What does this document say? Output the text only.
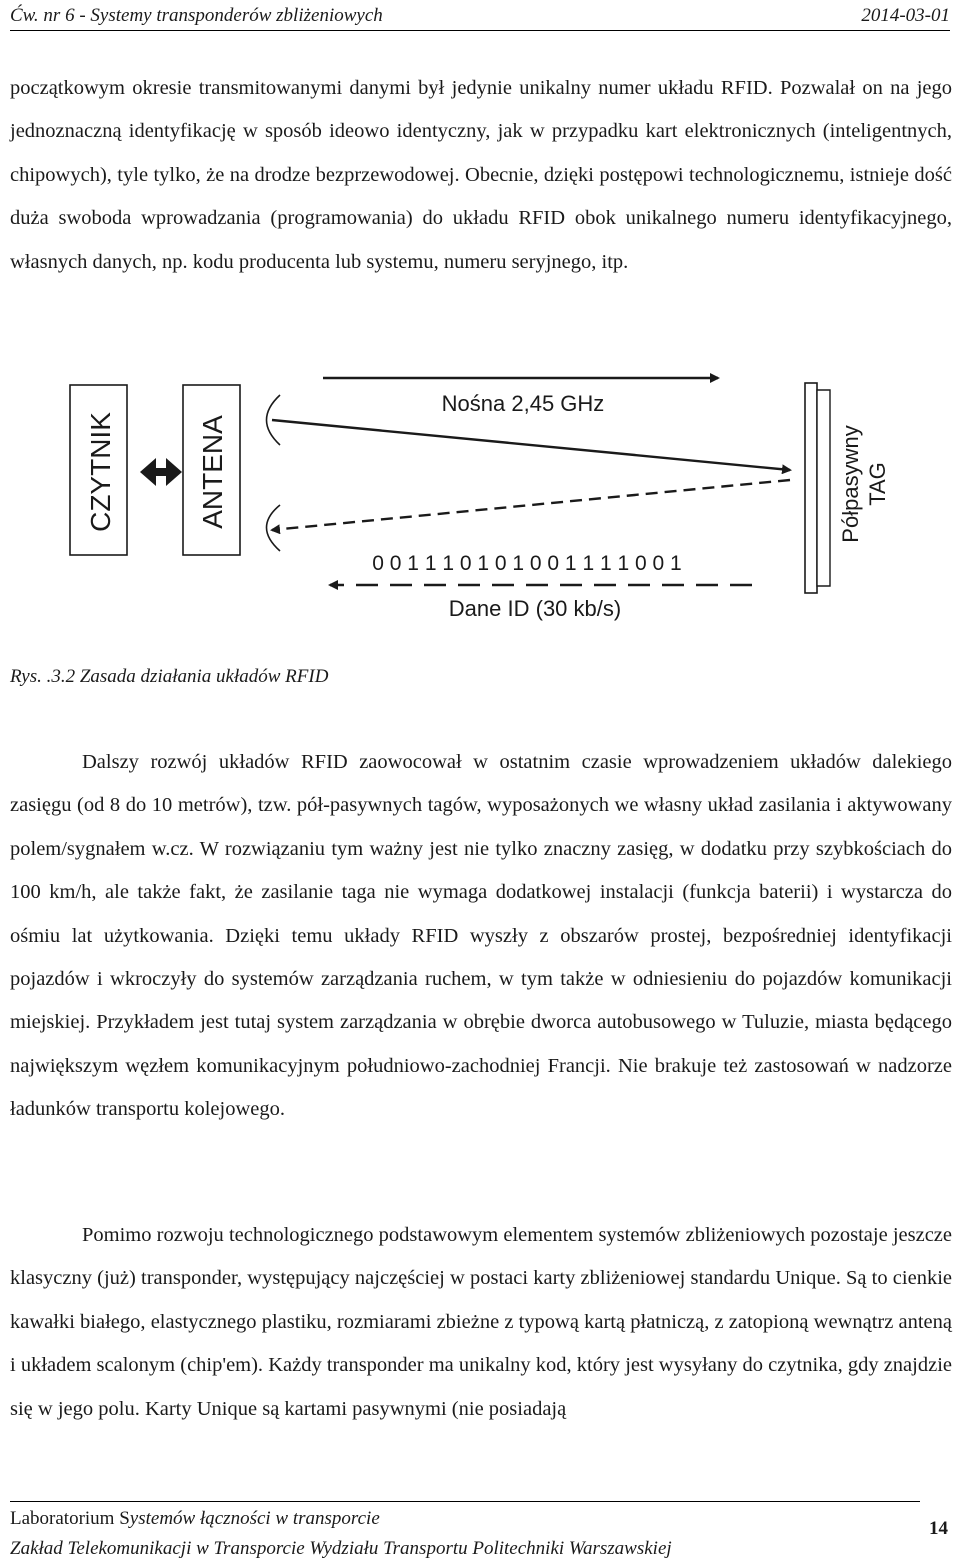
Ćw. nr 6 - Systemy transponderów zbliżeniowych	2014-03-01

początkowym okresie transmitowanymi danymi był jedynie unikalny numer układu RFID. Pozwalał on na jego jednoznaczną identyfikację w sposób ideowo identyczny, jak w przypadku kart elektronicznych (inteligentnych, chipowych), tyle tylko, że na drodze bezprzewodowej. Obecnie, dzięki postępowi technologicznemu, istnieje dość duża swoboda wprowadzania (programowania) do układu RFID obok unikalnego numeru identyfikacyjnego, własnych danych, np. kodu producenta lub systemu, numeru seryjnego, itp.

CZYTNIK	ANTENA
Nośna 2,45 GHz
0 0 1 1 1 0 1 0 1 0 0 1 1 1 1 0 0 1
Dane ID (30 kb/s)
Półpasywny TAG
Rys. .3.2 Zasada działania układów RFID

Dalszy rozwój układów RFID zaowocował w ostatnim czasie wprowadzeniem układów dalekiego zasięgu (od 8 do 10 metrów), tzw. pół-pasywnych tagów, wyposażonych we własny układ zasilania i aktywowany polem/sygnałem w.cz. W rozwiązaniu tym ważny jest nie tylko znaczny zasięg, w dodatku przy szybkościach do 100 km/h, ale także fakt, że zasilanie taga nie wymaga dodatkowej instalacji (funkcja baterii) i wystarcza do ośmiu lat użytkowania. Dzięki temu układy RFID wyszły z obszarów prostej, bezpośredniej identyfikacji pojazdów i wkroczyły do systemów zarządzania ruchem, w tym także w odniesieniu do pojazdów komunikacji miejskiej. Przykładem jest tutaj system zarządzania w obrębie dworca autobusowego w Tuluzie, miasta będącego największym węzłem komunikacyjnym południowo-zachodniej Francji. Nie brakuje też zastosowań w nadzorze ładunków transportu kolejowego.

Pomimo rozwoju technologicznego podstawowym elementem systemów zbliżeniowych pozostaje jeszcze klasyczny (już) transponder, występujący najczęściej w postaci karty zbliżeniowej standardu Unique. Są to cienkie kawałki białego, elastycznego plastiku, rozmiarami zbieżne z typową kartą płatniczą, z zatopioną wewnątrz anteną i układem scalonym (chip'em). Każdy transponder ma unikalny kod, który jest wysyłany do czytnika, gdy znajdzie się w jego polu. Karty Unique są kartami pasywnymi (nie posiadają

Laboratorium Systemów łączności w transporcie
Zakład Telekomunikacji w Transporcie Wydziału Transportu Politechniki Warszawskiej
14
